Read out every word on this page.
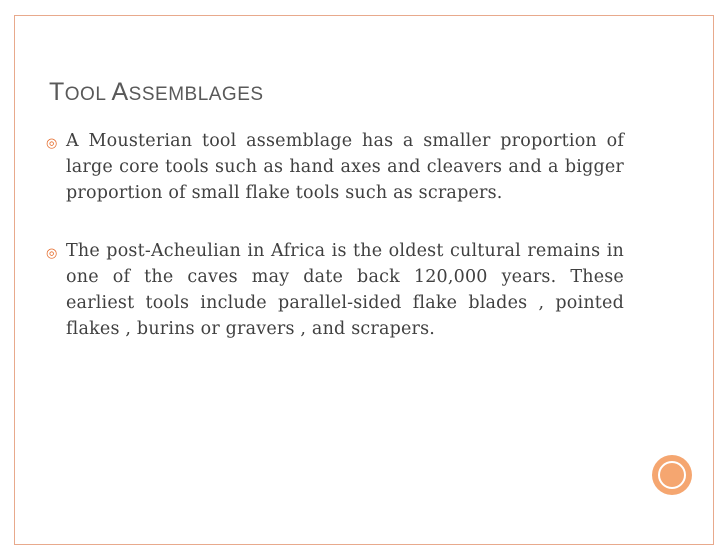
TOOL ASSEMBLAGES
◎ A Mousterian tool assemblage has a smaller proportion of large core tools such as hand axes and cleavers and a bigger proportion of small flake tools such as scrapers.
◎ The post-Acheulian in Africa is the oldest cultural remains in one of the caves may date back 120,000 years. These earliest tools include parallel-sided flake blades , pointed flakes , burins or gravers , and scrapers.
